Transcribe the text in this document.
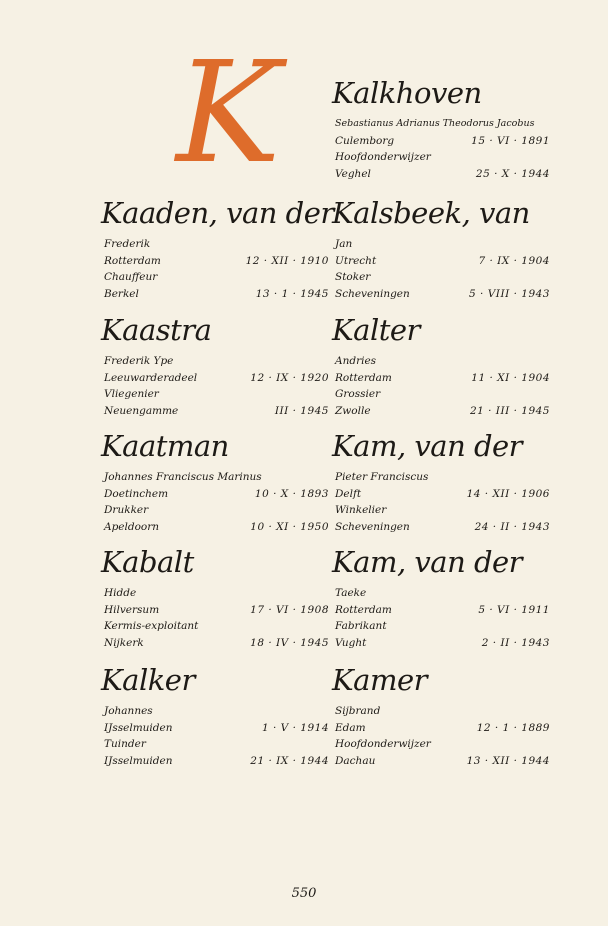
K
Kaaden, van der
Frederik
Rotterdam	12 · XII · 1910
Chauffeur
Berkel	13 · 1 · 1945
Kaastra
Frederik Ype
Leeuwarderadeel	12 · IX · 1920
Vliegenier
Neuengamme	III · 1945
Kaatman
Johannes Franciscus Marinus
Doetinchem	10 · X · 1893
Drukker
Apeldoorn	10 · XI · 1950
Kabalt
Hidde
Hilversum	17 · VI · 1908
Kermis-exploitant
Nijkerk	18 · IV · 1945
Kalker
Johannes
IJsselmuiden	1 · V · 1914
Tuinder
IJsselmuiden	21 · IX · 1944
Kalkhoven
Sebastianus Adrianus Theodorus Jacobus
Culemborg	15 · VI · 1891
Hoofdonderwijzer
Veghel	25 · X · 1944
Kalsbeek, van
Jan
Utrecht	7 · IX · 1904
Stoker
Scheveningen	5 · VIII · 1943
Kalter
Andries
Rotterdam	11 · XI · 1904
Grossier
Zwolle	21 · III · 1945
Kam, van der
Pieter Franciscus
Delft	14 · XII · 1906
Winkelier
Scheveningen	24 · II · 1943
Kam, van der
Taeke
Rotterdam	5 · VI · 1911
Fabrikant
Vught	2 · II · 1943
Kamer
Sijbrand
Edam	12 · 1 · 1889
Hoofdonderwijzer
Dachau	13 · XII · 1944
550
